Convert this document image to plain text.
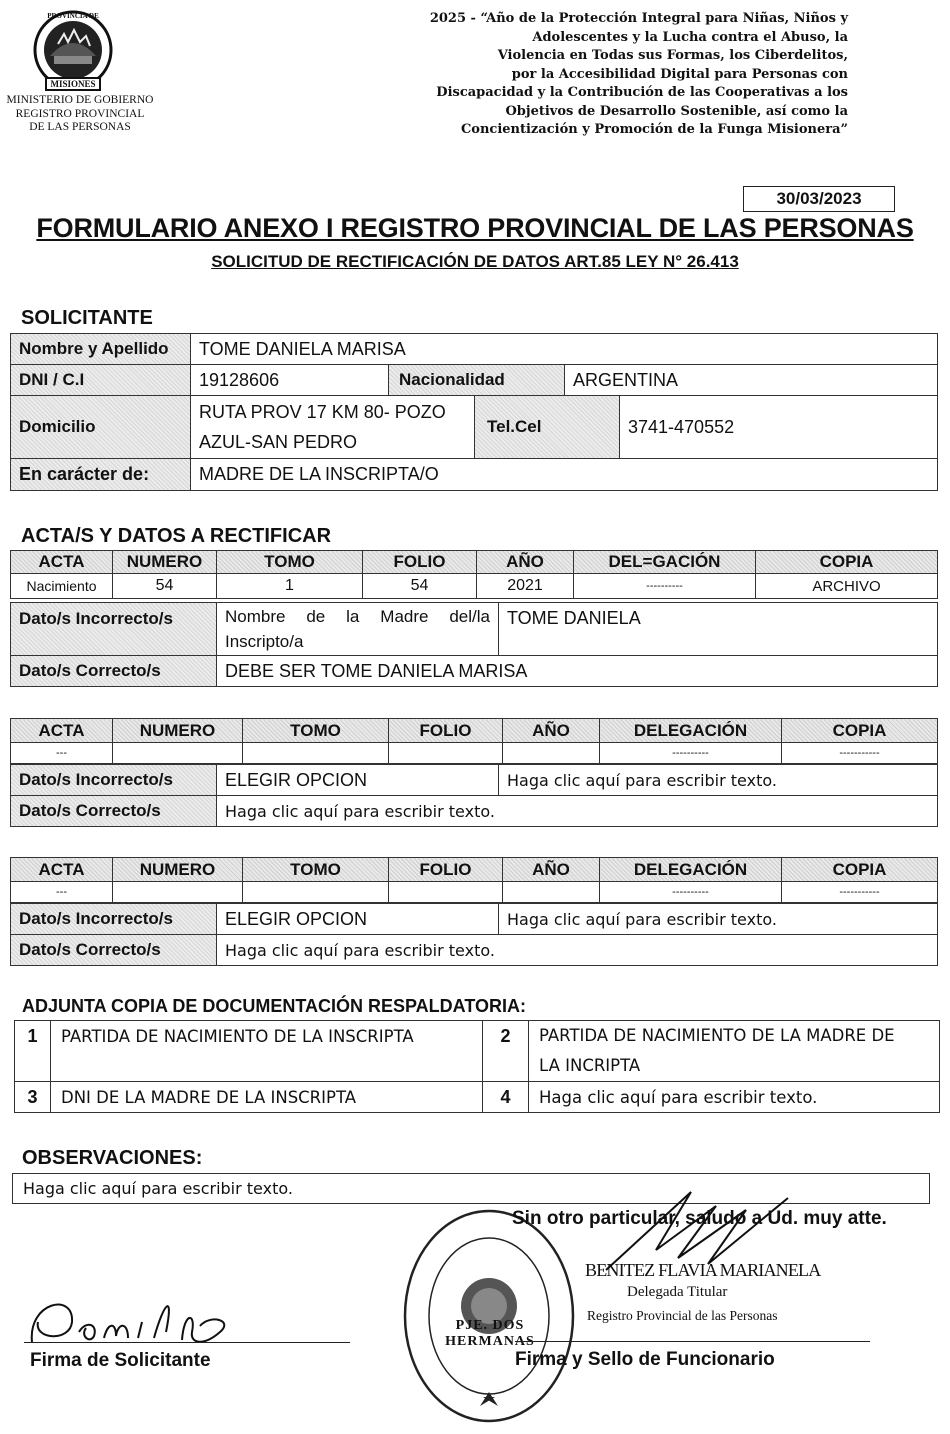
PROVINCIA DE
MISIONES
MINISTERIO DE GOBIERNO
REGISTRO PROVINCIAL
DE LAS PERSONAS
2025 - “Año de la Protección Integral para Niñas, Niños y
Adolescentes y la Lucha contra el Abuso, la
Violencia en Todas sus Formas, los Ciberdelitos,
por la Accesibilidad Digital para Personas con
Discapacidad y la Contribución de las Cooperativas a los
Objetivos de Desarrollo Sostenible, así como la
Concientización y Promoción de la Funga Misionera”
30/03/2023
FORMULARIO ANEXO I REGISTRO PROVINCIAL DE LAS PERSONAS
SOLICITUD DE RECTIFICACIÓN DE DATOS ART.85 LEY N° 26.413
SOLICITANTE
Nombre y Apellido	TOME DANIELA MARISA				
DNI / C.I	19128606	Nacionalidad		ARGENTINA	
Domicilio	RUTA PROV 17 KM 80- POZO
AZUL-SAN PEDRO		Tel.Cel		3741-470552
En carácter de:	MADRE DE LA INSCRIPTA/O				
ACTA/S Y DATOS A RECTIFICAR
ACTA	NUMERO	TOMO	FOLIO	AÑO	DEL=GACIÓN	COPIA
Nacimiento	54	1	54	2021	----------	ARCHIVO
Dato/s Incorrecto/s	Nombre de la Madre del/la
Inscripto/a	TOME DANIELA
Dato/s Correcto/s	DEBE SER TOME DANIELA MARISA	
ACTA	NUMERO	TOMO	FOLIO	AÑO	DELEGACIÓN	COPIA
---					----------	-----------
Dato/s Incorrecto/s	ELEGIR OPCION	Haga clic aquí para escribir texto.
Dato/s Correcto/s	Haga clic aquí para escribir texto.	
ACTA	NUMERO	TOMO	FOLIO	AÑO	DELEGACIÓN	COPIA
---					----------	-----------
Dato/s Incorrecto/s	ELEGIR OPCION	Haga clic aquí para escribir texto.
Dato/s Correcto/s	Haga clic aquí para escribir texto.	
ADJUNTA COPIA DE DOCUMENTACIÓN RESPALDATORIA:
1	PARTIDA DE NACIMIENTO DE LA INSCRIPTA	2	PARTIDA DE NACIMIENTO DE LA MADRE DE
LA INCRIPTA

3	DNI DE LA MADRE DE LA INSCRIPTA	4	Haga clic aquí para escribir texto.
OBSERVACIONES:
Haga clic aquí para escribir texto.
PJE. DOS HERMANAS
Sin otro particular, saludo a Ud. muy atte.
BENITEZ FLAVIA MARIANELA
Delegada Titular
Registro Provincial de las Personas
Firma de Solicitante	Firma y Sello de Funcionario
